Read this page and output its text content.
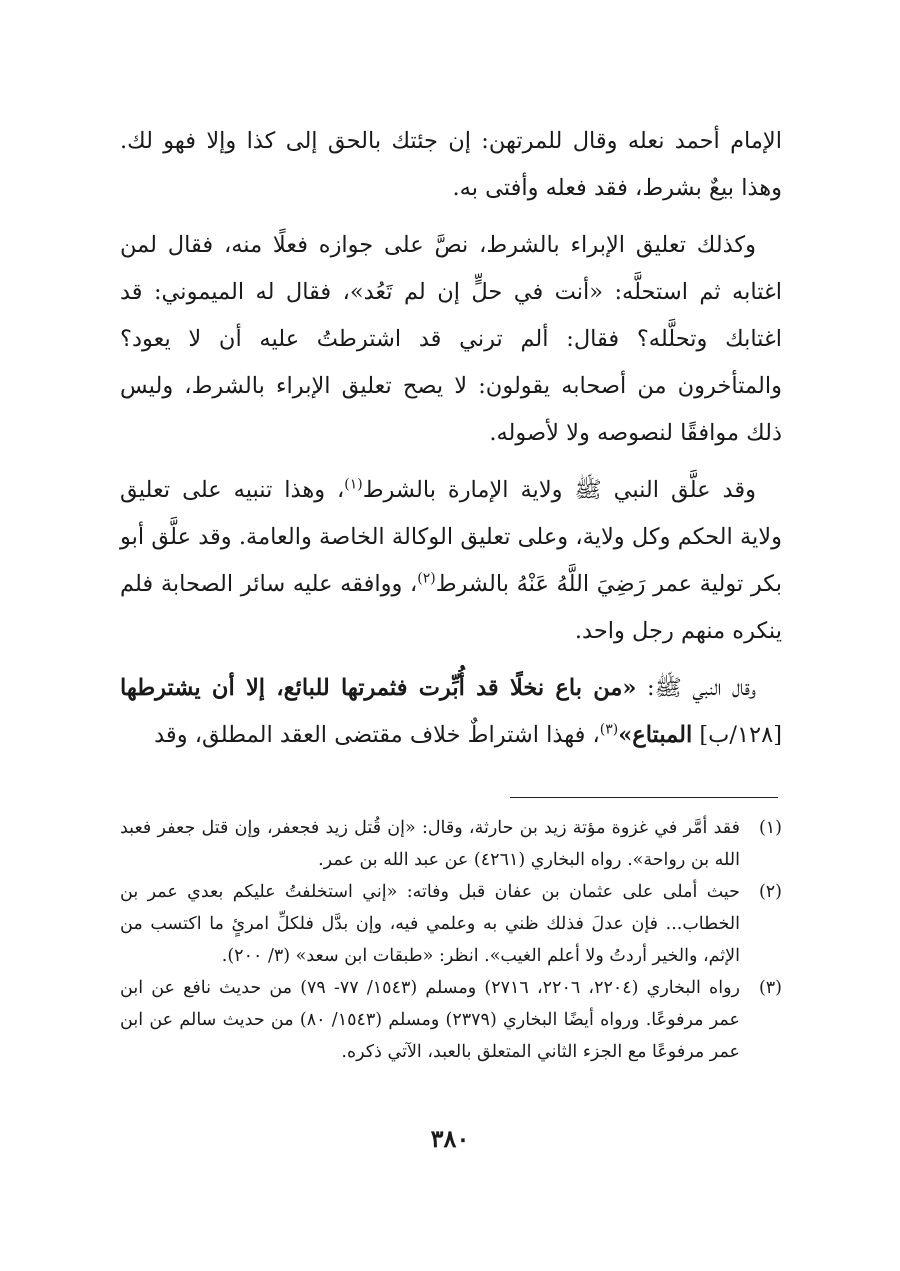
الإمام أحمد نعله وقال للمرتهن: إن جئتك بالحق إلى كذا وإلا فهو لك. وهذا بيعٌ بشرط، فقد فعله وأفتى به.

وكذلك تعليق الإبراء بالشرط، نصَّ على جوازه فعلًا منه، فقال لمن اغتابه ثم استحلَّه: «أنت في حلٍّ إن لم تَعُد»، فقال له الميموني: قد اغتابك وتحلَّله؟ فقال: ألم ترني قد اشترطتُ عليه أن لا يعود؟ والمتأخرون من أصحابه يقولون: لا يصح تعليق الإبراء بالشرط، وليس ذلك موافقًا لنصوصه ولا لأصوله.

وقد علَّق النبي ﷺ ولاية الإمارة بالشرط$^{(١)}$، وهذا تنبيه على تعليق ولاية الحكم وكل ولاية، وعلى تعليق الوكالة الخاصة والعامة. وقد علَّق أبو بكر تولية عمر رَضِيَ اللَّهُ عَنْهُ بالشرط$^{(٢)}$، ووافقه عليه سائر الصحابة فلم ينكره منهم رجل واحد.

وقال النبي ﷺ: «من باع نخلًا قد أُبِّرت فثمرتها للبائع، إلا أن يشترطها [١٢٨/ب] المبتاع»$^{(٣)}$، فهذا اشتراطٌ خلاف مقتضى العقد المطلق، وقد

(١)
فقد أمَّر في غزوة مؤتة زيد بن حارثة، وقال: «إن قُتل زيد فجعفر، وإن قتل جعفر فعبد الله بن رواحة». رواه البخاري (٤٢٦١) عن عبد الله بن عمر.

(٢)
حيث أملى على عثمان بن عفان قبل وفاته: «إني استخلفتُ عليكم بعدي عمر بن الخطاب... فإن عدلَ فذلك ظني به وعلمي فيه، وإن بدَّل فلكلِّ امرئٍ ما اكتسب من الإثم، والخير أردتُ ولا أعلم الغيب». انظر: «طبقات ابن سعد» (٣/ ٢٠٠).

(٣)
رواه البخاري (٢٢٠٤، ٢٢٠٦، ٢٧١٦) ومسلم (١٥٤٣/ ٧٧- ٧٩) من حديث نافع عن ابن عمر مرفوعًا. ورواه أيضًا البخاري (٢٣٧٩) ومسلم (١٥٤٣/ ٨٠) من حديث سالم عن ابن عمر مرفوعًا مع الجزء الثاني المتعلق بالعبد، الآتي ذكره.

٣٨٠
